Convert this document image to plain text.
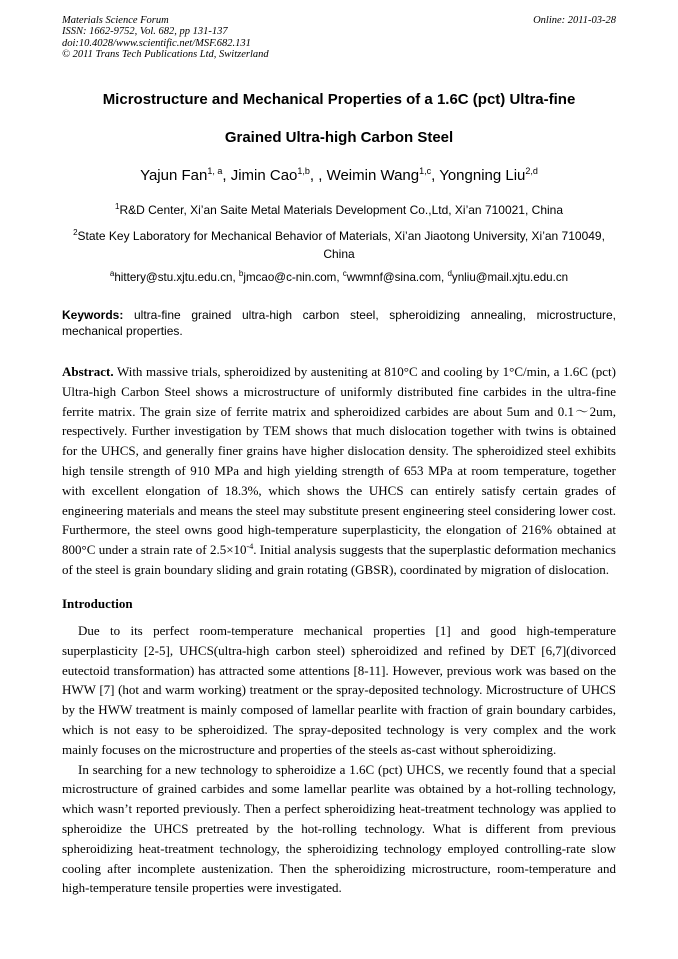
Materials Science Forum
ISSN: 1662-9752, Vol. 682, pp 131-137
doi:10.4028/www.scientific.net/MSF.682.131
© 2011 Trans Tech Publications Ltd, Switzerland
Online: 2011-03-28
Microstructure and Mechanical Properties of a 1.6C (pct) Ultra-fine
Grained Ultra-high Carbon Steel
Yajun Fan$^{1, a}$, Jimin Cao$^{1,b}$, , Weimin Wang$^{1,c}$, Yongning Liu$^{2,d}$
$^1$R&D Center, Xi’an Saite Metal Materials Development Co.,Ltd, Xi’an 710021, China
$^2$State Key Laboratory for Mechanical Behavior of Materials, Xi’an Jiaotong University, Xi’an 710049, China
$^a$hittery@stu.xjtu.edu.cn, $^b$jmcao@c-nin.com, $^c$wwmnf@sina.com, $^d$ynliu@mail.xjtu.edu.cn
Keywords: ultra-fine grained ultra-high carbon steel, spheroidizing annealing, microstructure, mechanical properties.
Abstract. With massive trials, spheroidized by austeniting at 810°C and cooling by 1°C/min, a 1.6C (pct) Ultra-high Carbon Steel shows a microstructure of uniformly distributed fine carbides in the ultra-fine ferrite matrix. The grain size of ferrite matrix and spheroidized carbides are about 5um and 0.1～2um, respectively. Further investigation by TEM shows that much dislocation together with twins is obtained for the UHCS, and generally finer grains have higher dislocation density. The spheroidized steel exhibits high tensile strength of 910 MPa and high yielding strength of 653 MPa at room temperature, together with excellent elongation of 18.3%, which shows the UHCS can entirely satisfy certain grades of engineering materials and means the steel may substitute present engineering steel considering lower cost. Furthermore, the steel owns good high-temperature superplasticity, the elongation of 216% obtained at 800°C under a strain rate of $2.5\times 10^{-4}$. Initial analysis suggests that the superplastic deformation mechanics of the steel is grain boundary sliding and grain rotating (GBSR), coordinated by migration of dislocation.
Introduction

Due to its perfect room-temperature mechanical properties [1] and good high-temperature superplasticity [2-5], UHCS(ultra-high carbon steel) spheroidized and refined by DET [6,7](divorced eutectoid transformation) has attracted some attentions [8-11]. However, previous work was based on the HWW [7] (hot and warm working) treatment or the spray-deposited technology. Microstructure of UHCS by the HWW treatment is mainly composed of lamellar pearlite with fraction of grain boundary carbides, which is not easy to be spheroidized. The spray-deposited technology is very complex and the work mainly focuses on the microstructure and properties of the steels as-cast without spheroidizing.

In searching for a new technology to spheroidize a 1.6C (pct) UHCS, we recently found that a special microstructure of grained carbides and some lamellar pearlite was obtained by a hot-rolling technology, which wasn’t reported previously. Then a perfect spheroidizing heat-treatment technology was applied to spheroidize the UHCS pretreated by the hot-rolling technology. What is different from previous spheroidizing heat-treatment technology, the spheroidizing technology employed controlling-rate slow cooling after incomplete austenization. Then the spheroidizing microstructure, room-temperature and high-temperature tensile properties were investigated.
